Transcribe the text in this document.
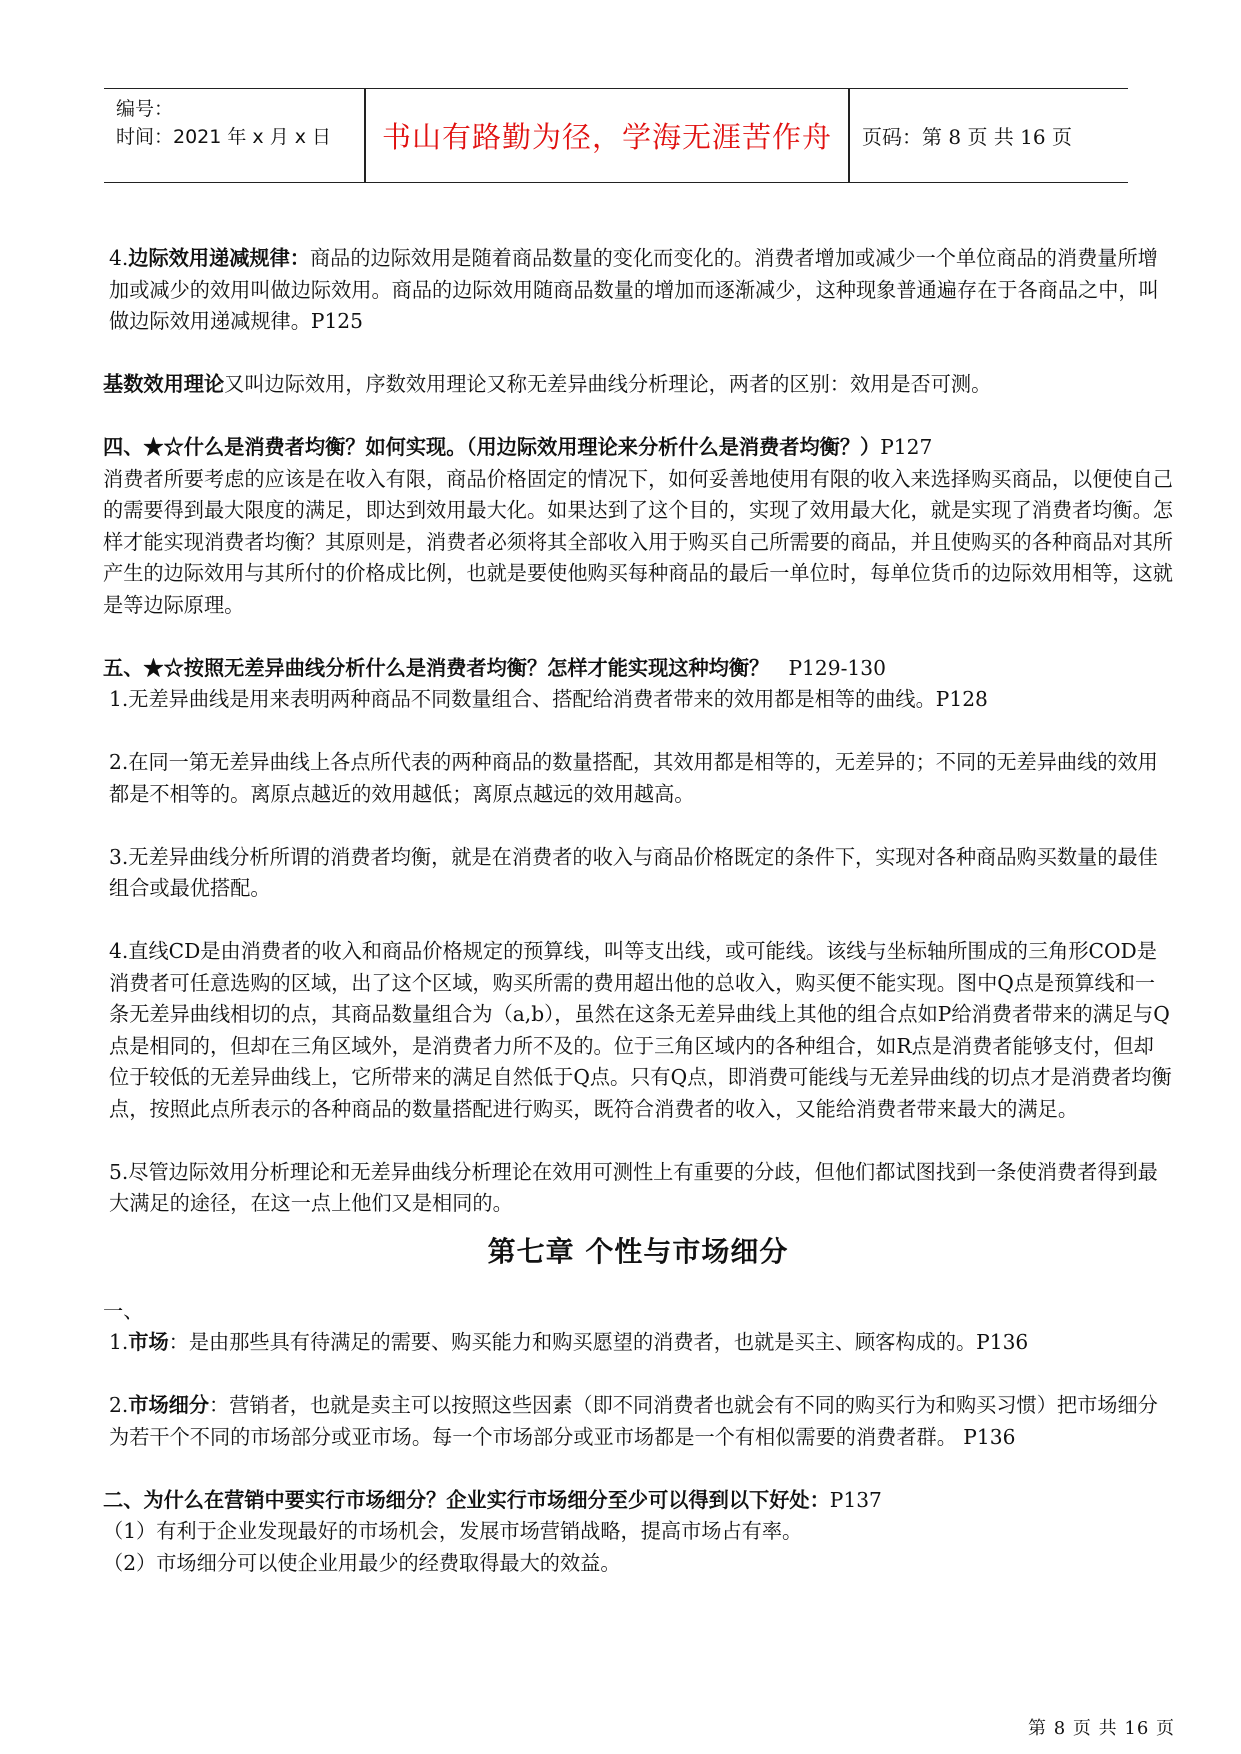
编号：
时间：2021 年 x 月 x 日	书山有路勤为径，学海无涯苦作舟	页码：第 8 页 共 16 页

4.边际效用递减规律：商品的边际效用是随着商品数量的变化而变化的。消费者增加或减少一个单位商品的消费量所增加或减少的效用叫做边际效用。商品的边际效用随商品数量的增加而逐渐减少，这种现象普通遍存在于各商品之中，叫做边际效用递减规律。P125

基数效用理论又叫边际效用，序数效用理论又称无差异曲线分析理论，两者的区别：效用是否可测。

四、★☆什么是消费者均衡？如何实现。（用边际效用理论来分析什么是消费者均衡？）P127

消费者所要考虑的应该是在收入有限，商品价格固定的情况下，如何妥善地使用有限的收入来选择购买商品，以便使自己的需要得到最大限度的满足，即达到效用最大化。如果达到了这个目的，实现了效用最大化，就是实现了消费者均衡。怎样才能实现消费者均衡？其原则是，消费者必须将其全部收入用于购买自己所需要的商品，并且使购买的各种商品对其所产生的边际效用与其所付的价格成比例，也就是要使他购买每种商品的最后一单位时，每单位货币的边际效用相等，这就是等边际原理。

五、★☆按照无差异曲线分析什么是消费者均衡？怎样才能实现这种均衡？ P129-130

1.无差异曲线是用来表明两种商品不同数量组合、搭配给消费者带来的效用都是相等的曲线。P128

2.在同一第无差异曲线上各点所代表的两种商品的数量搭配，其效用都是相等的，无差异的；不同的无差异曲线的效用都是不相等的。离原点越近的效用越低；离原点越远的效用越高。

3.无差异曲线分析所谓的消费者均衡，就是在消费者的收入与商品价格既定的条件下，实现对各种商品购买数量的最佳组合或最优搭配。

4.直线CD是由消费者的收入和商品价格规定的预算线，叫等支出线，或可能线。该线与坐标轴所围成的三角形COD是消费者可任意选购的区域，出了这个区域，购买所需的费用超出他的总收入，购买便不能实现。图中Q点是预算线和一条无差异曲线相切的点，其商品数量组合为（a,b），虽然在这条无差异曲线上其他的组合点如P给消费者带来的满足与Q点是相同的，但却在三角区域外，是消费者力所不及的。位于三角区域内的各种组合，如R点是消费者能够支付，但却位于较低的无差异曲线上，它所带来的满足自然低于Q点。只有Q点，即消费可能线与无差异曲线的切点才是消费者均衡点，按照此点所表示的各种商品的数量搭配进行购买，既符合消费者的收入，又能给消费者带来最大的满足。

5.尽管边际效用分析理论和无差异曲线分析理论在效用可测性上有重要的分歧，但他们都试图找到一条使消费者得到最大满足的途径，在这一点上他们又是相同的。

第七章 个性与市场细分

一、

1.市场：是由那些具有待满足的需要、购买能力和购买愿望的消费者，也就是买主、顾客构成的。P136

2.市场细分：营销者，也就是卖主可以按照这些因素（即不同消费者也就会有不同的购买行为和购买习惯）把市场细分为若干个不同的市场部分或亚市场。每一个市场部分或亚市场都是一个有相似需要的消费者群。 P136

二、为什么在营销中要实行市场细分？企业实行市场细分至少可以得到以下好处：P137

（1）有利于企业发现最好的市场机会，发展市场营销战略，提高市场占有率。

（2）市场细分可以使企业用最少的经费取得最大的效益。

第 8 页 共 16 页
